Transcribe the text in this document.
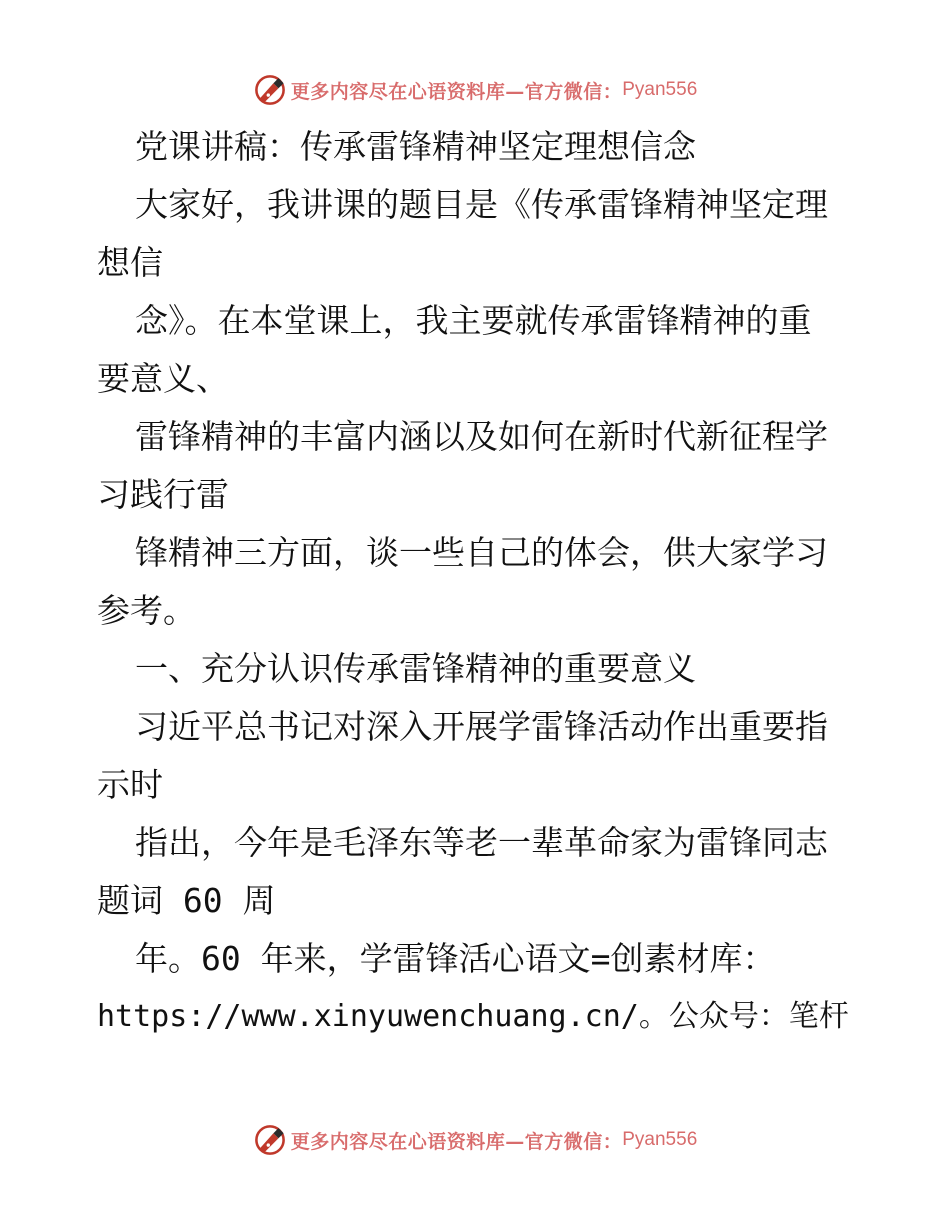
更多内容尽在心语资料库—官方微信： Pyan556
党课讲稿：传承雷锋精神坚定理想信念
大家好，我讲课的题目是《传承雷锋精神坚定理
想信
念》。在本堂课上，我主要就传承雷锋精神的重
要意义、
雷锋精神的丰富内涵以及如何在新时代新征程学
习践行雷
锋精神三方面，谈一些自己的体会，供大家学习
参考。
一、充分认识传承雷锋精神的重要意义
习近平总书记对深入开展学雷锋活动作出重要指
示时
指出，今年是毛泽东等老一辈革命家为雷锋同志
题词 60 周
年。60 年来，学雷锋活心语文=创素材库：
https://www.xinyuwenchuang.cn/。公众号：笔杆
更多内容尽在心语资料库—官方微信： Pyan556
